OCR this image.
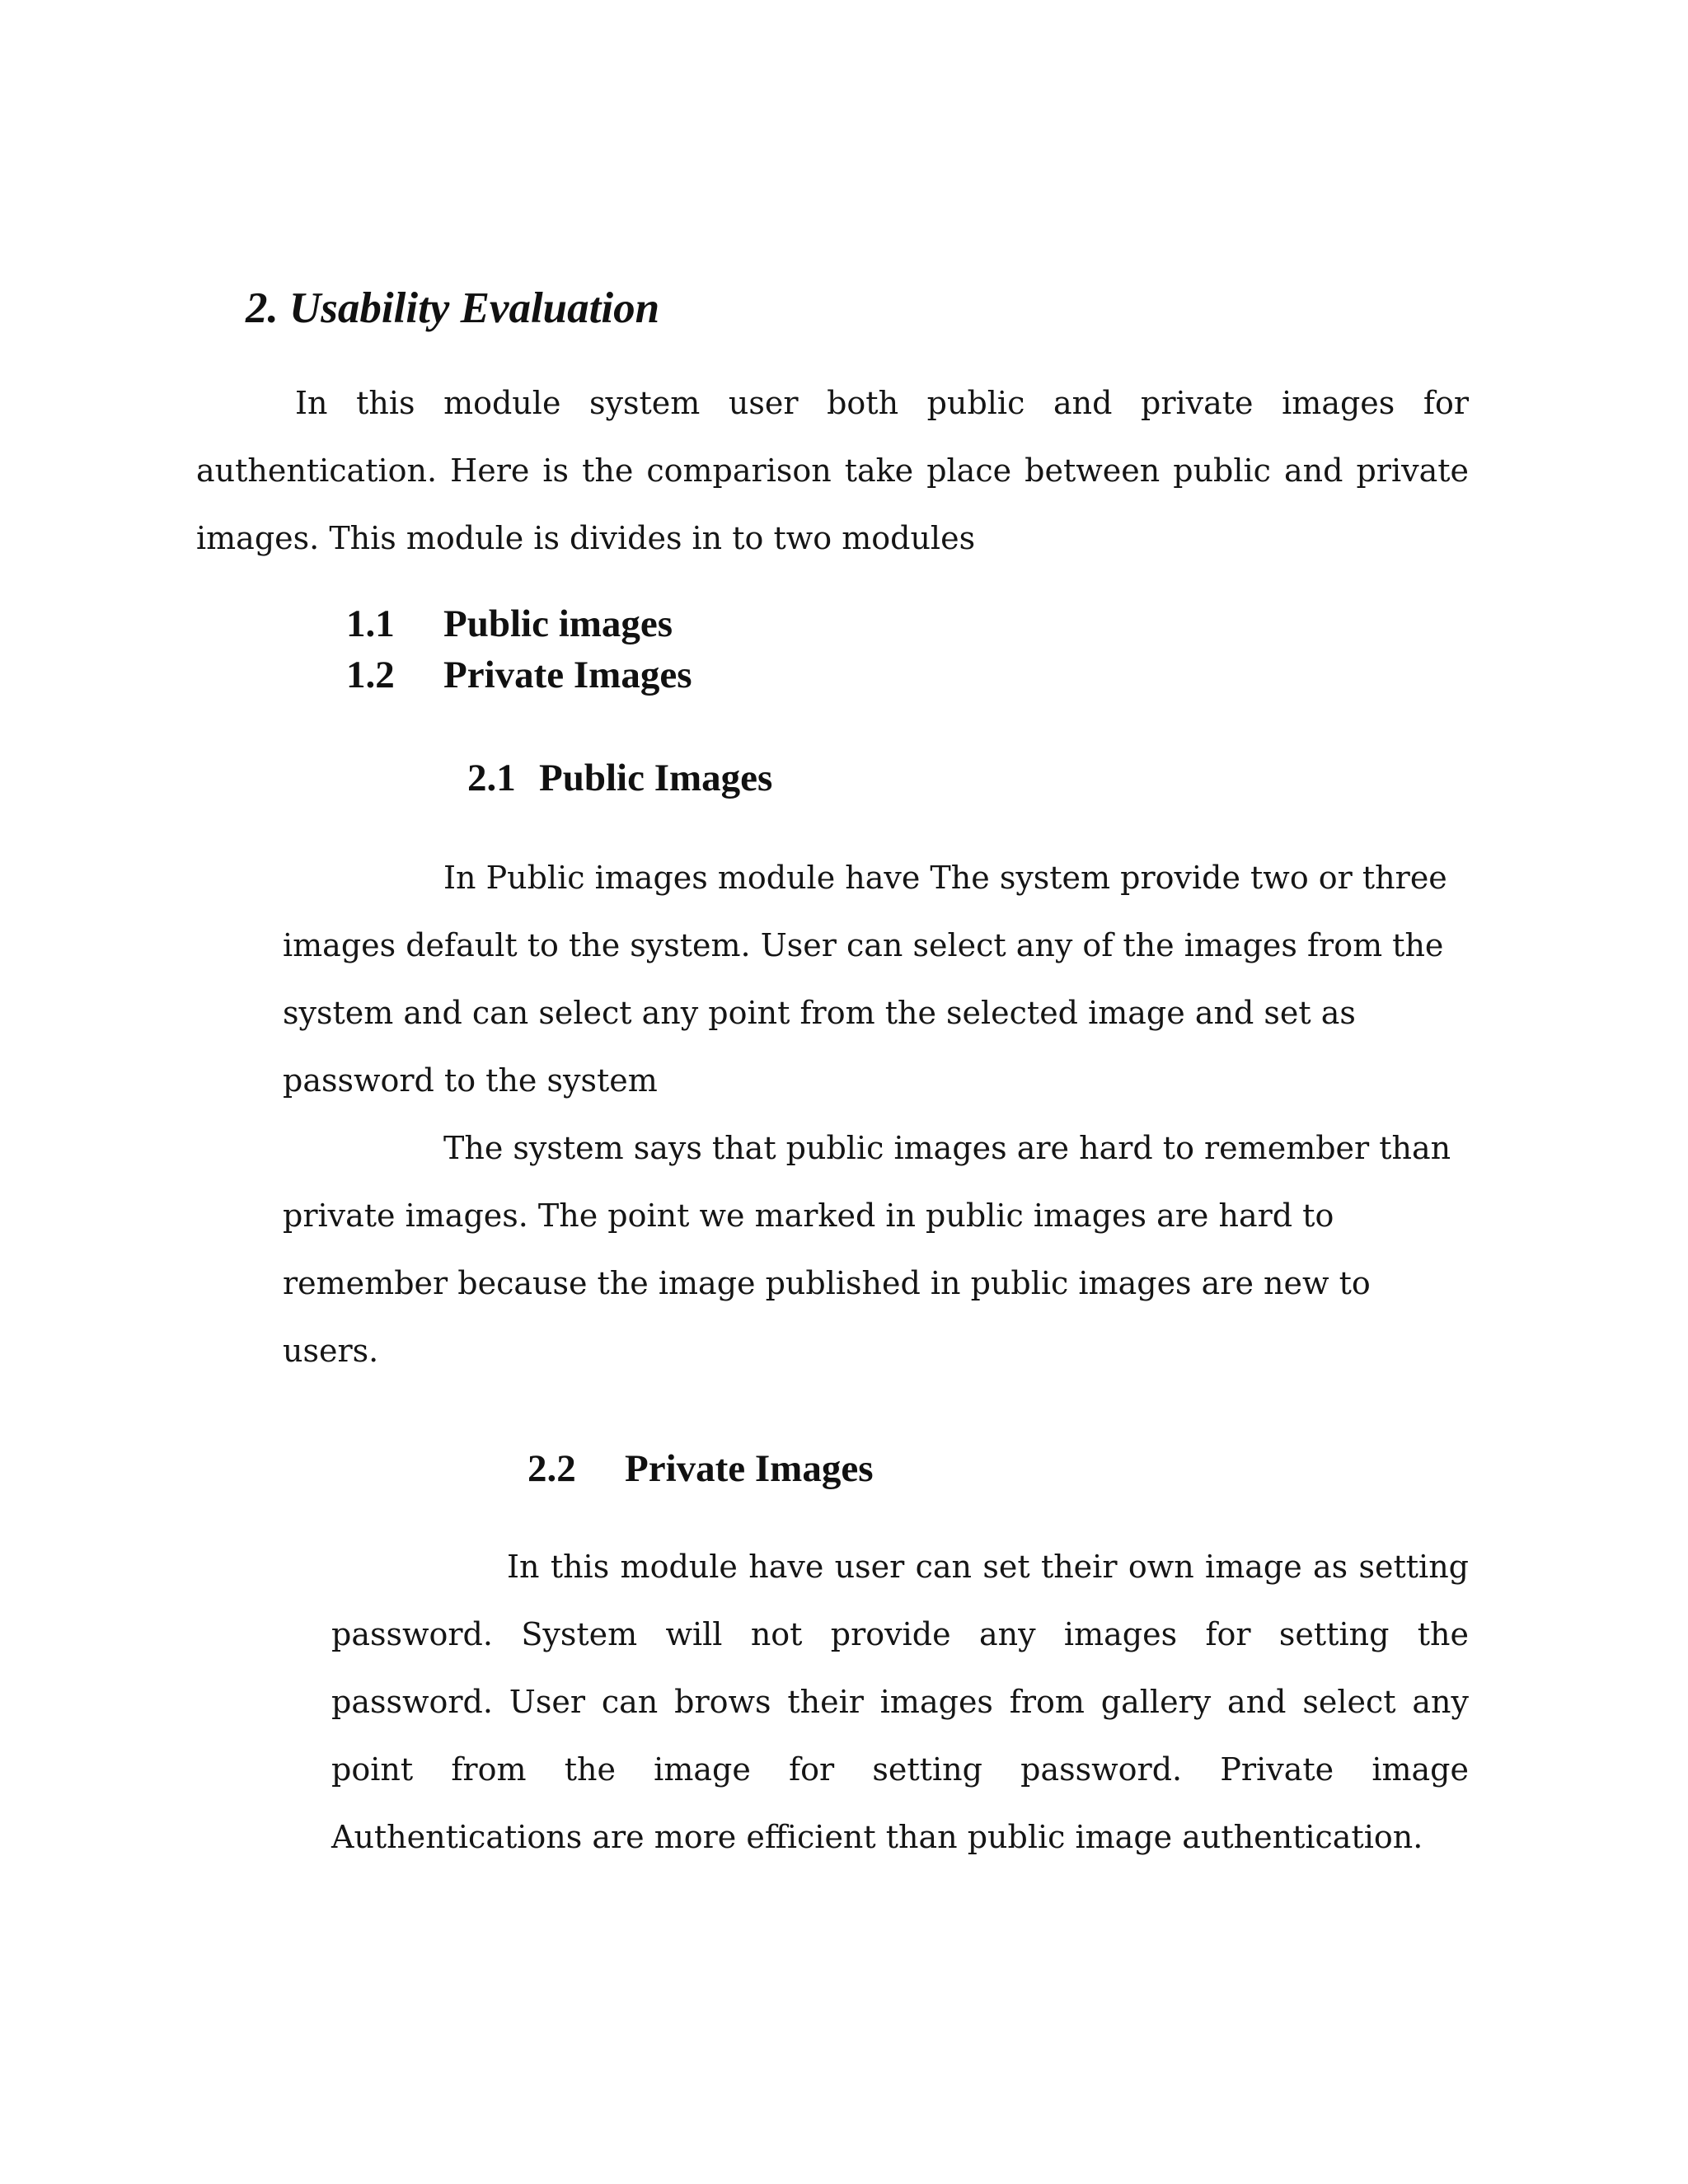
2. Usability Evaluation

In this module system user both public and private images for authentication. Here is the comparison take place between public and private images. This module is divides in to two modules

1.1 Public images
1.2 Private Images
2.1 Public Images

In Public images module have The system provide two or three images default to the system. User can select any of the images from the system and can select any point from the selected image and set as password to the system

The system says that public images are hard to remember than private images. The point we marked in public images are hard to remember because the image published in public images are new to users.

2.2 Private Images

In this module have user can set their own image as setting password. System will not provide any images for setting the password. User can brows their images from gallery and select any point from the image for setting password. Private image Authentications are more efficient than public image authentication.
